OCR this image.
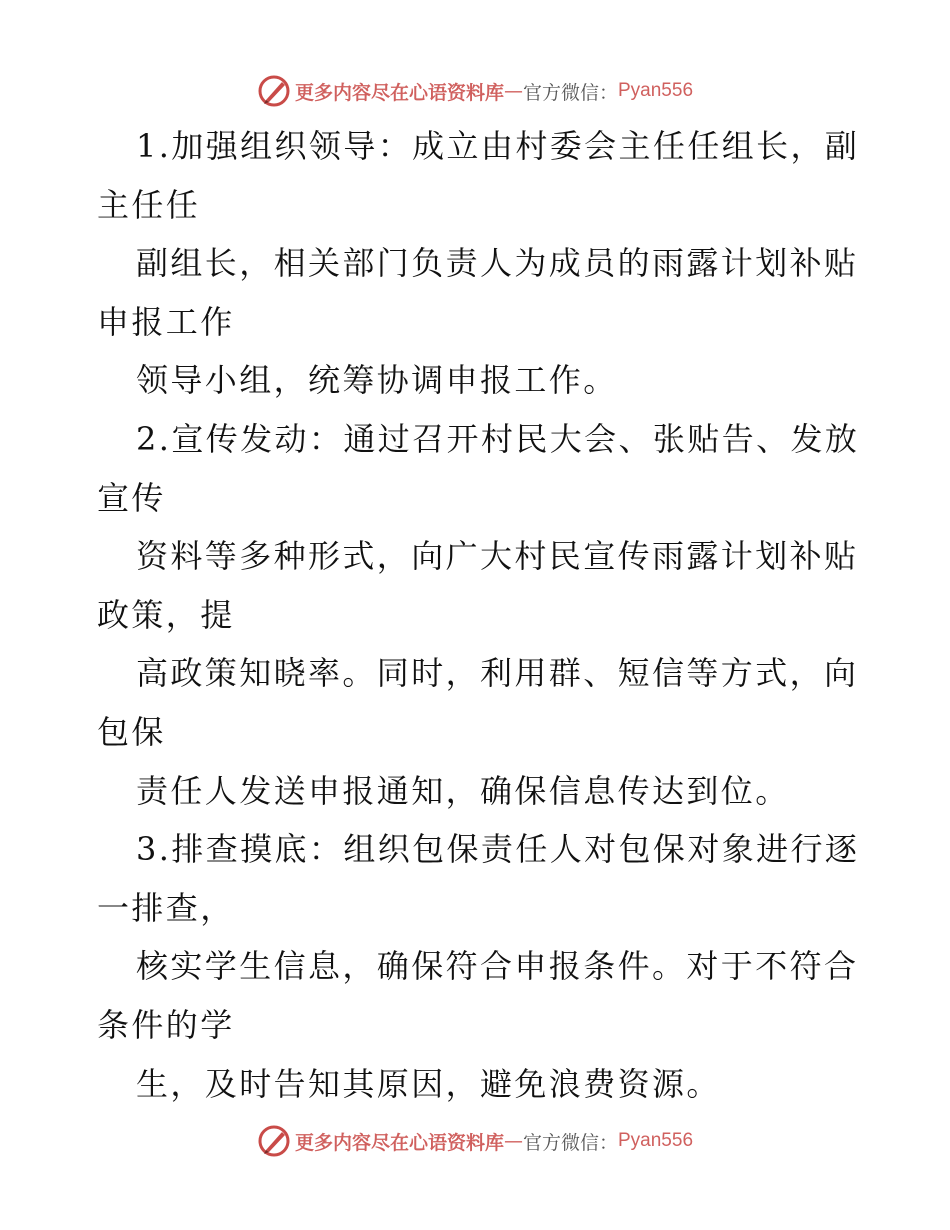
更多内容尽在心语资料库 — 官方微信： Pyan556
1.加强组织领导：成立由村委会主任任组长，副
主任任
副组长，相关部门负责人为成员的雨露计划补贴
申报工作
领导小组，统筹协调申报工作。
2.宣传发动：通过召开村民大会、张贴告、发放
宣传
资料等多种形式，向广大村民宣传雨露计划补贴
政策，提
高政策知晓率。同时，利用群、短信等方式，向
包保
责任人发送申报通知，确保信息传达到位。
3.排查摸底：组织包保责任人对包保对象进行逐
一排查，
核实学生信息，确保符合申报条件。对于不符合
条件的学
生，及时告知其原因，避免浪费资源。
更多内容尽在心语资料库 — 官方微信： Pyan556
